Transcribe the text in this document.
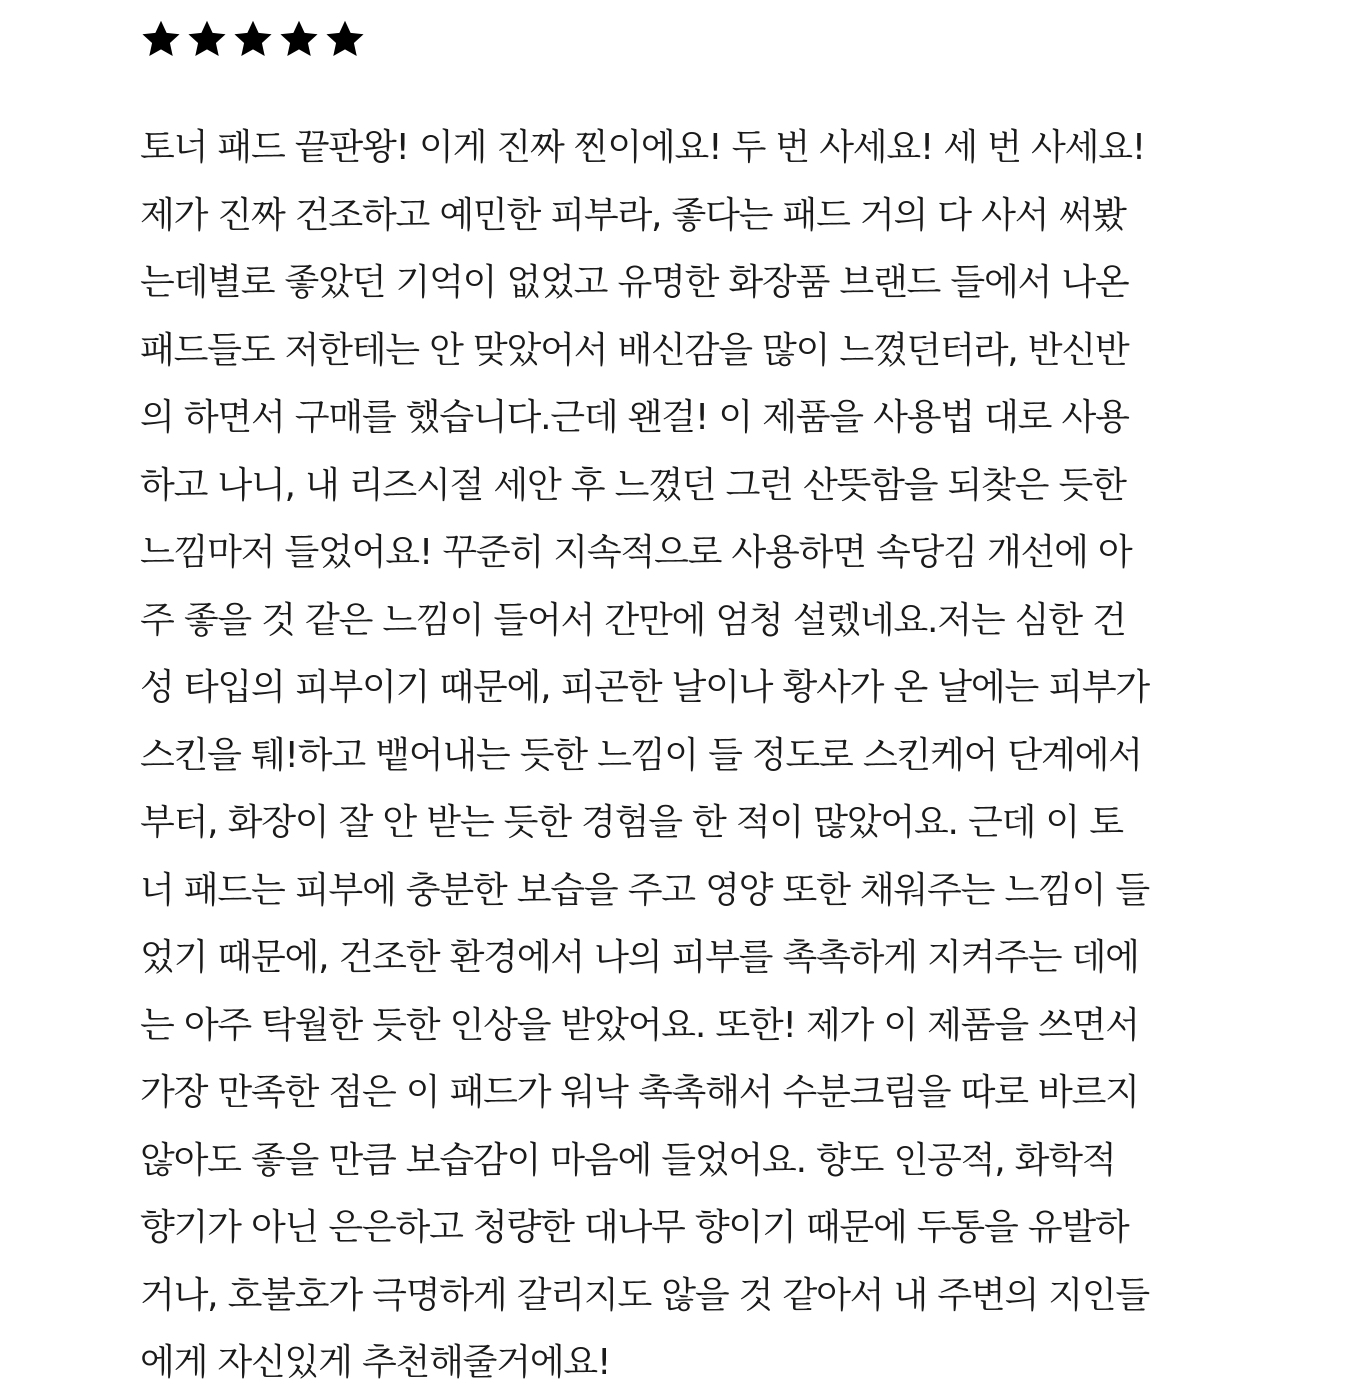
토너 패드 끝판왕! 이게 진짜 찐이에요! 두 번 사세요! 세 번 사세요!
제가 진짜 건조하고 예민한 피부라, 좋다는 패드 거의 다 사서 써봤
는데별로 좋았던 기억이 없었고 유명한 화장품 브랜드 들에서 나온
패드들도 저한테는 안 맞았어서 배신감을 많이 느꼈던터라, 반신반
의 하면서 구매를 했습니다.근데 왠걸! 이 제품을 사용법 대로 사용
하고 나니, 내 리즈시절 세안 후 느꼈던 그런 산뜻함을 되찾은 듯한
느낌마저 들었어요! 꾸준히 지속적으로 사용하면 속당김 개선에 아
주 좋을 것 같은 느낌이 들어서 간만에 엄청 설렜네요.저는 심한 건
성 타입의 피부이기 때문에, 피곤한 날이나 황사가 온 날에는 피부가
스킨을 퉤!하고 뱉어내는 듯한 느낌이 들 정도로 스킨케어 단계에서
부터, 화장이 잘 안 받는 듯한 경험을 한 적이 많았어요. 근데 이 토
너 패드는 피부에 충분한 보습을 주고 영양 또한 채워주는 느낌이 들
었기 때문에, 건조한 환경에서 나의 피부를 촉촉하게 지켜주는 데에
는 아주 탁월한 듯한 인상을 받았어요. 또한! 제가 이 제품을 쓰면서
가장 만족한 점은 이 패드가 워낙 촉촉해서 수분크림을 따로 바르지
않아도 좋을 만큼 보습감이 마음에 들었어요. 향도 인공적, 화학적
향기가 아닌 은은하고 청량한 대나무 향이기 때문에 두통을 유발하
거나, 호불호가 극명하게 갈리지도 않을 것 같아서 내 주변의 지인들
에게 자신있게 추천해줄거에요!
